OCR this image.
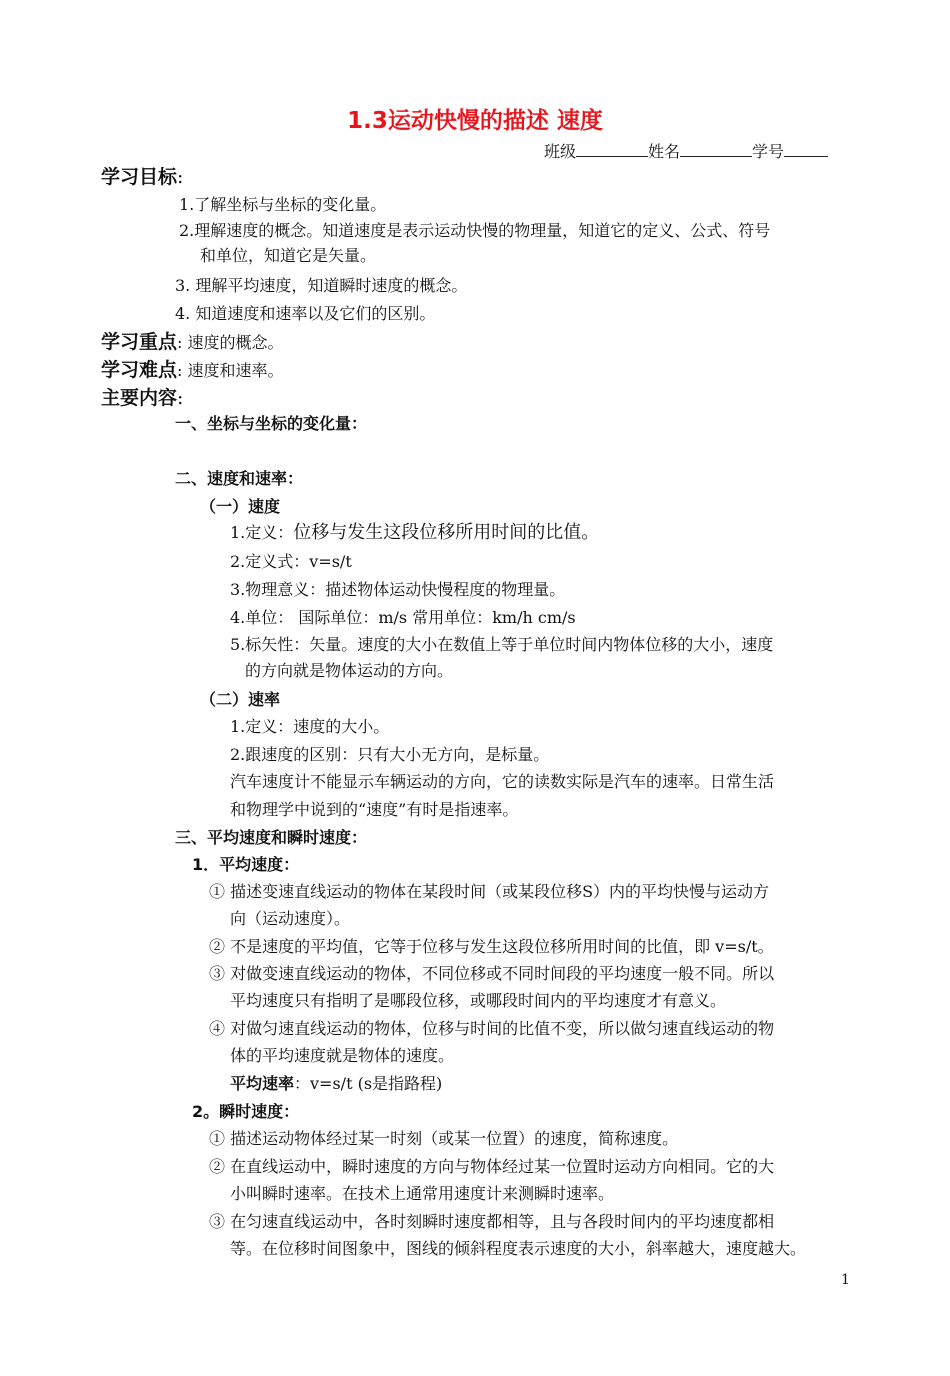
1.3运动快慢的描述 速度
班级	姓名	学号
学习目标:
1.了解坐标与坐标的变化量。
2.理解速度的概念。知道速度是表示运动快慢的物理量，知道它的定义、公式、符号
和单位，知道它是矢量。
3. 理解平均速度，知道瞬时速度的概念。
4. 知道速度和速率以及它们的区别。
学习重点: 速度的概念。
学习难点: 速度和速率。
主要内容:
一、坐标与坐标的变化量：
二、速度和速率：
（一）速度
1.定义：位移与发生这段位移所用时间的比值。
2.定义式：v=s/t
3.物理意义：描述物体运动快慢程度的物理量。
4.单位： 国际单位：m/s 常用单位：km/h cm/s
5.标矢性：矢量。速度的大小在数值上等于单位时间内物体位移的大小，速度
的方向就是物体运动的方向。
（二）速率
1.定义：速度的大小。
2.跟速度的区别：只有大小无方向，是标量。
汽车速度计不能显示车辆运动的方向，它的读数实际是汽车的速率。日常生活
和物理学中说到的“速度”有时是指速率。
三、平均速度和瞬时速度：
1．平均速度：
① 描述变速直线运动的物体在某段时间（或某段位移S）内的平均快慢与运动方
向（运动速度）。
② 不是速度的平均值，它等于位移与发生这段位移所用时间的比值，即 v=s/t。
③ 对做变速直线运动的物体，不同位移或不同时间段的平均速度一般不同。所以
平均速度只有指明了是哪段位移，或哪段时间内的平均速度才有意义。
④ 对做匀速直线运动的物体，位移与时间的比值不变，所以做匀速直线运动的物
体的平均速度就是物体的速度。
平均速率：v=s/t (s是指路程)
2。瞬时速度：
① 描述运动物体经过某一时刻（或某一位置）的速度，简称速度。
② 在直线运动中，瞬时速度的方向与物体经过某一位置时运动方向相同。它的大
小叫瞬时速率。在技术上通常用速度计来测瞬时速率。
③ 在匀速直线运动中，各时刻瞬时速度都相等，且与各段时间内的平均速度都相
等。在位移时间图象中，图线的倾斜程度表示速度的大小，斜率越大，速度越大。
1
